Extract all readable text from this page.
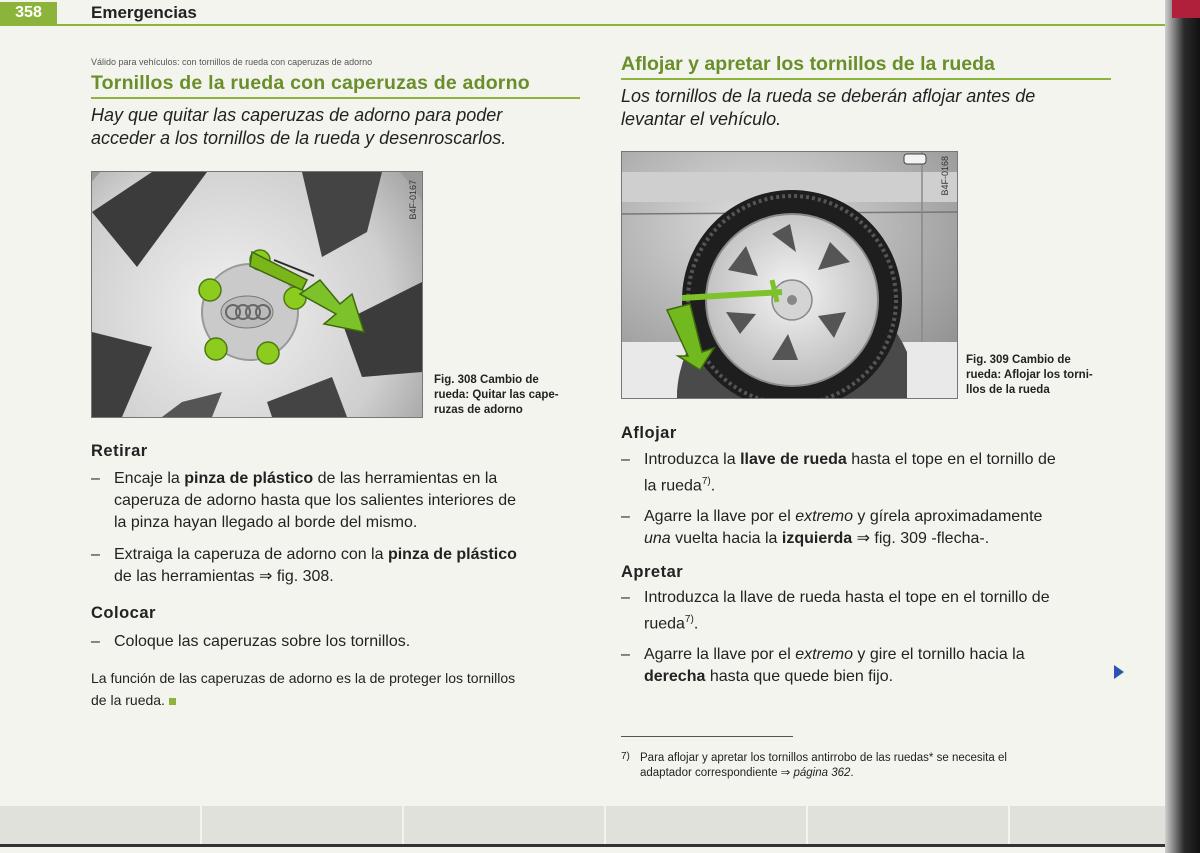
358	Emergencias
Válido para vehículos: con tornillos de rueda con caperuzas de adorno
Tornillos de la rueda con caperuzas de adorno
Hay que quitar las caperuzas de adorno para poder
acceder a los tornillos de la rueda y desenroscarlos.
B4F-0167
Fig. 308 Cambio de
rueda: Quitar las cape-
ruzas de adorno
Retirar
– Encaje la pinza de plástico de las herramientas en la
caperuza de adorno hasta que los salientes interiores de
la pinza hayan llegado al borde del mismo.
– Extraiga la caperuza de adorno con la pinza de plástico
de las herramientas ⇒ fig. 308.
Colocar
– Coloque las caperuzas sobre los tornillos.
La función de las caperuzas de adorno es la de proteger los tornillos
de la rueda.
Aflojar y apretar los tornillos de la rueda
Los tornillos de la rueda se deberán aflojar antes de
levantar el vehículo.
B4F-0168
Fig. 309 Cambio de
rueda: Aflojar los torni-
llos de la rueda
Aflojar
– Introduzca la llave de rueda hasta el tope en el tornillo de
la rueda$^{7)}$.
– Agarre la llave por el extremo y gírela aproximadamente
una vuelta hacia la izquierda ⇒ fig. 309 -flecha-.
Apretar
– Introduzca la llave de rueda hasta el tope en el tornillo de
rueda$^{7)}$.
– Agarre la llave por el extremo y gire el tornillo hacia la
derecha hasta que quede bien fijo.
$^{7)}$ Para aflojar y apretar los tornillos antirrobo de las ruedas* se necesita el
adaptador correspondiente ⇒ página 362.
